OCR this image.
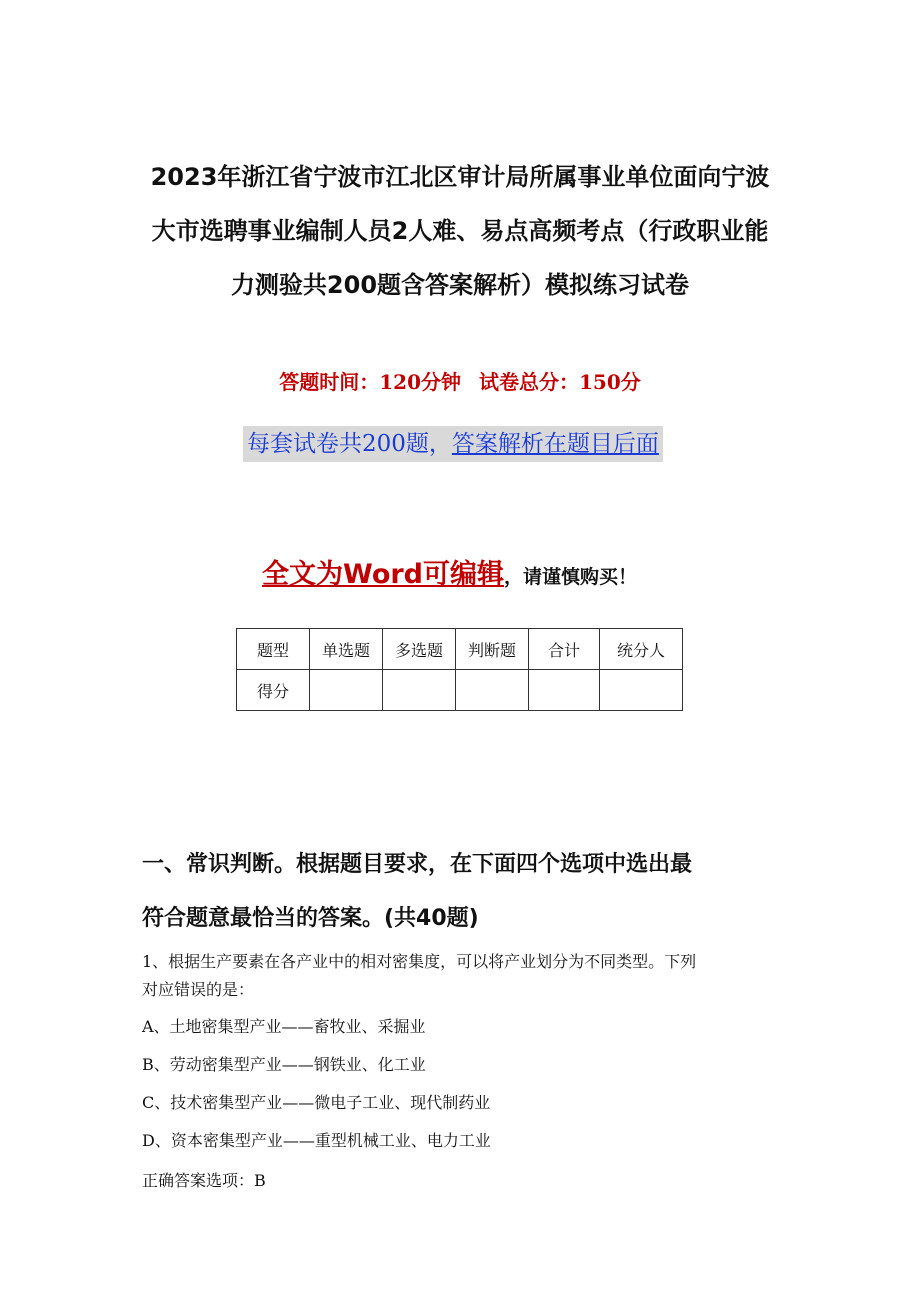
2023年浙江省宁波市江北区审计局所属事业单位面向宁波
大市选聘事业编制人员2人难、易点高频考点（行政职业能
力测验共200题含答案解析）模拟练习试卷
答题时间：120分钟 试卷总分：150分
每套试卷共200题，答案解析在题目后面
全文为Word可编辑，请谨慎购买！
题型	单选题	多选题	判断题	合计	统分人
得分					
一、常识判断。根据题目要求，在下面四个选项中选出最
符合题意最恰当的答案。(共40题)
1、根据生产要素在各产业中的相对密集度，可以将产业划分为不同类型。下列
对应错误的是：
A、土地密集型产业——畜牧业、采掘业
B、劳动密集型产业——钢铁业、化工业
C、技术密集型产业——微电子工业、现代制药业
D、资本密集型产业——重型机械工业、电力工业
正确答案选项：B
